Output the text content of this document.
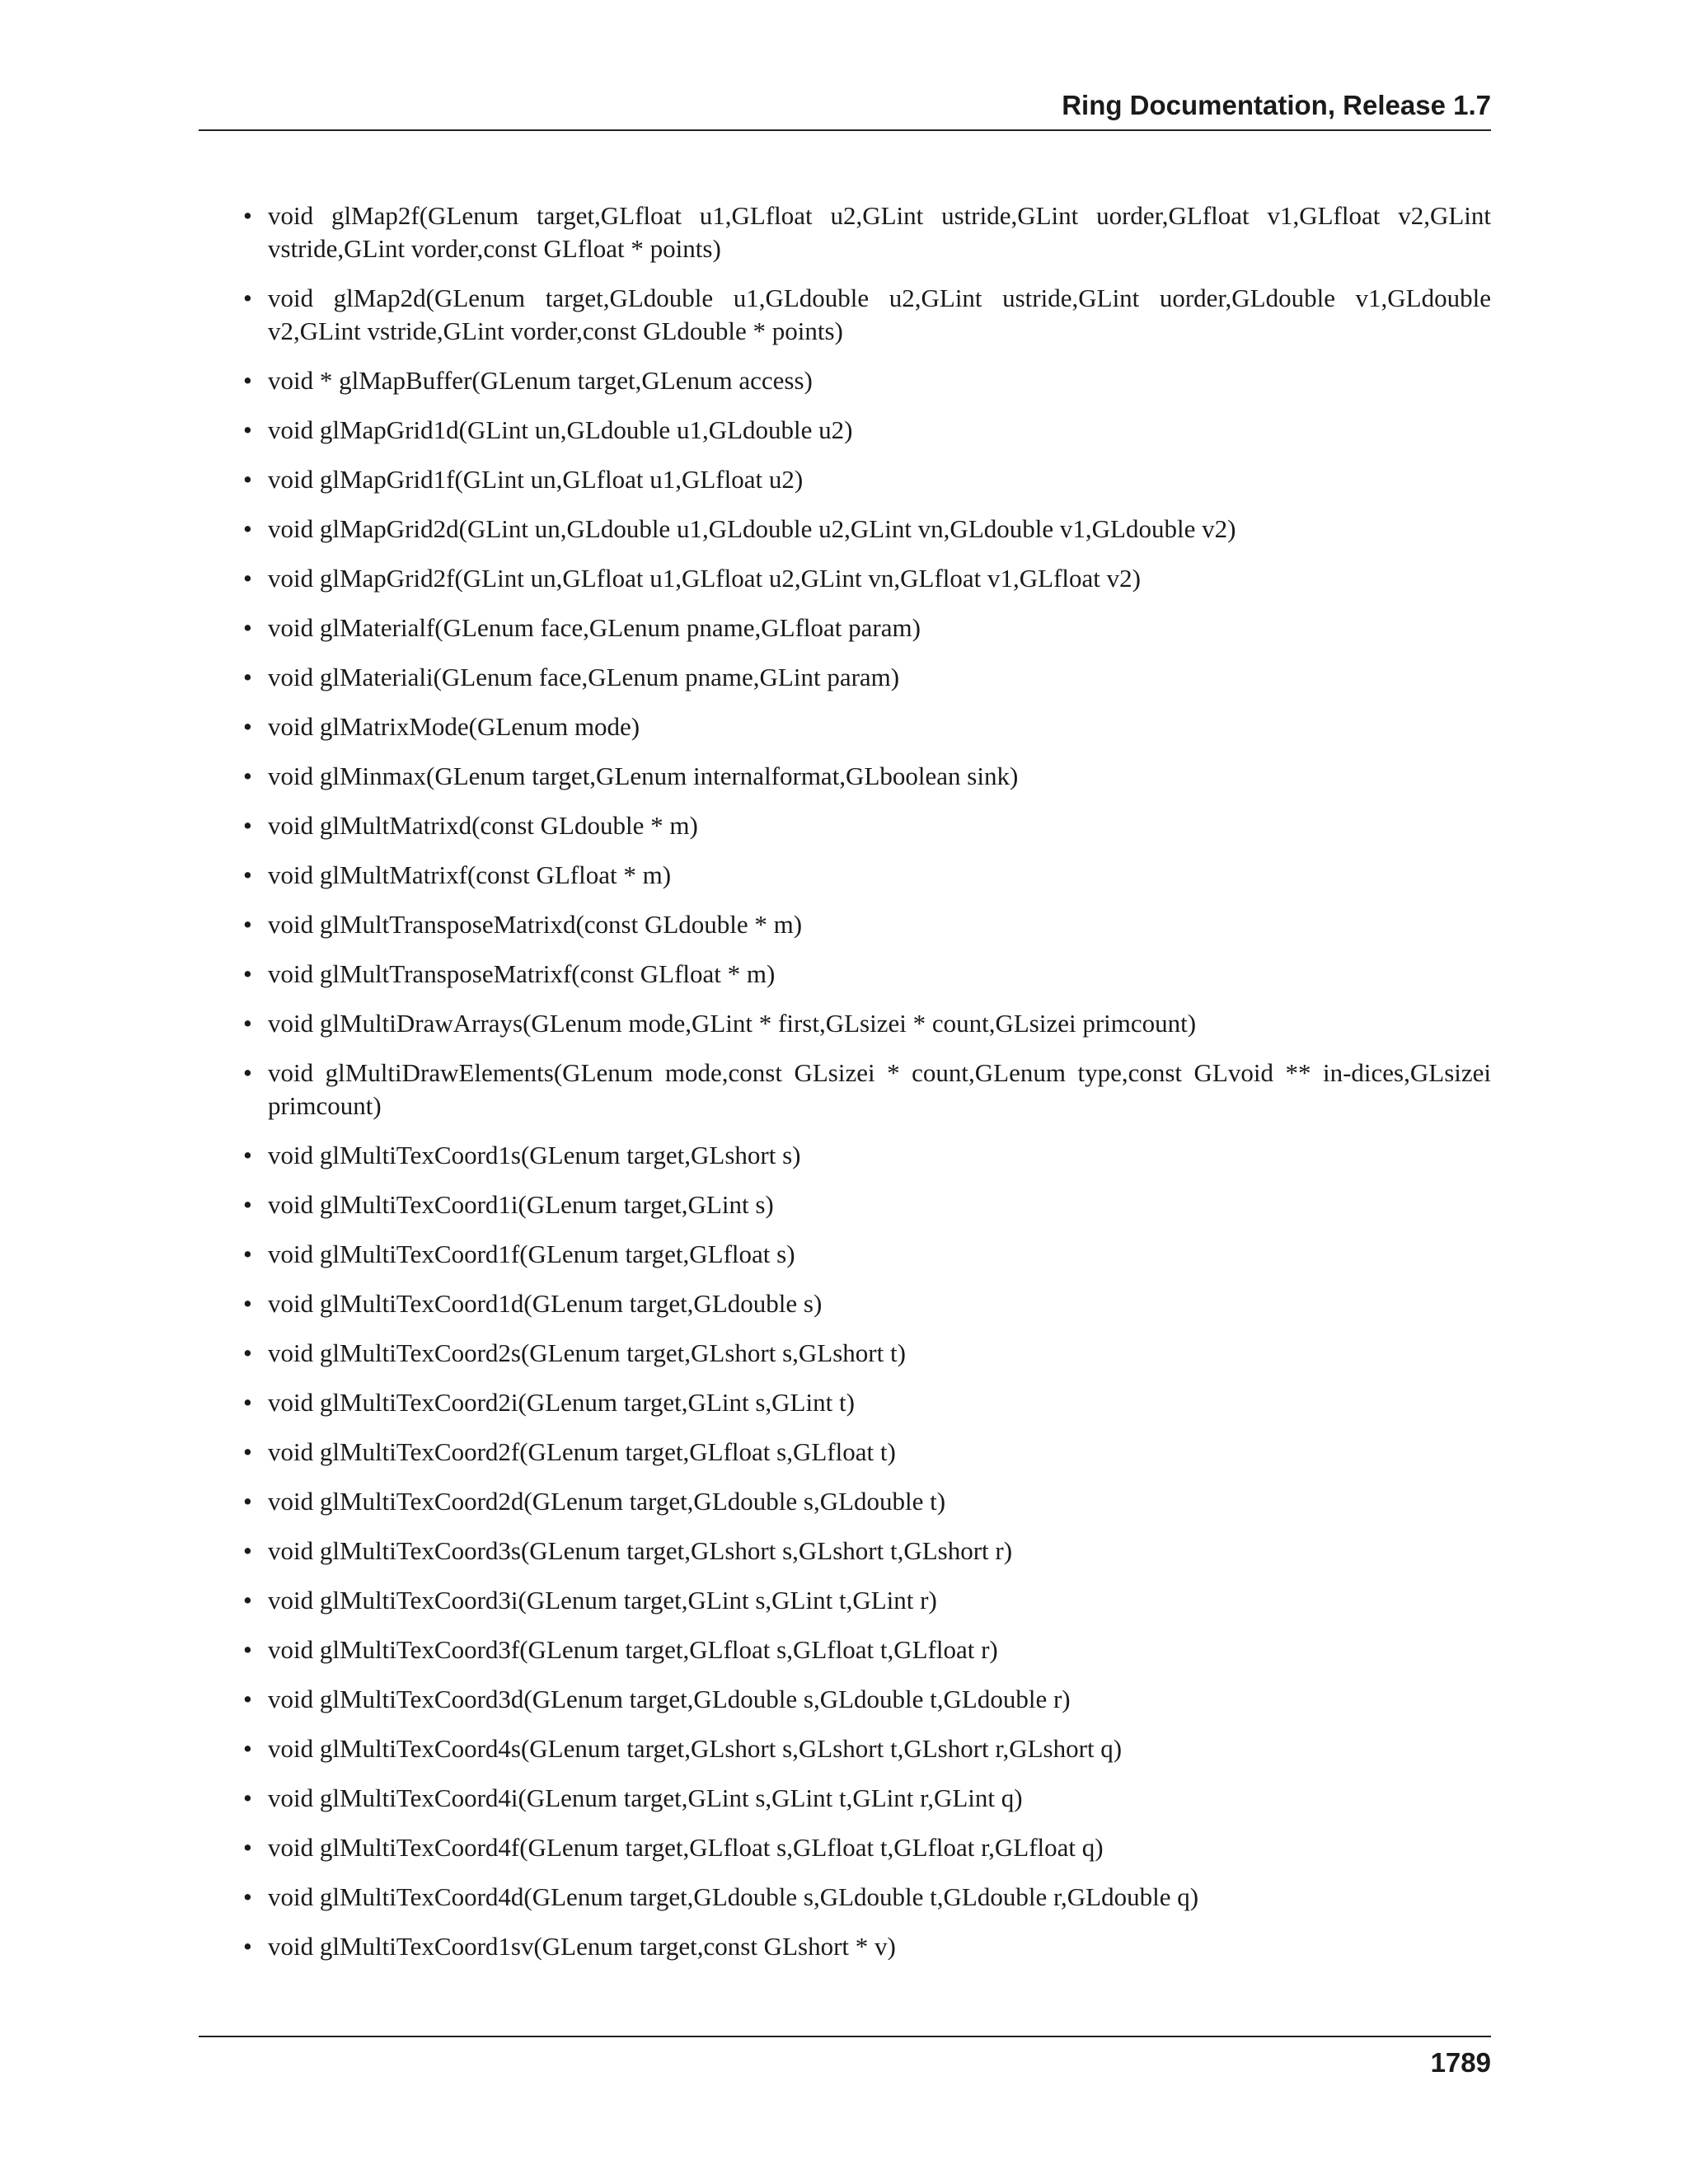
Ring Documentation, Release 1.7
• void glMap2f(GLenum target,GLfloat u1,GLfloat u2,GLint ustride,GLint uorder,GLfloat v1,GLfloat v2,GLint vstride,GLint vorder,const GLfloat * points)
• void glMap2d(GLenum target,GLdouble u1,GLdouble u2,GLint ustride,GLint uorder,GLdouble v1,GLdouble v2,GLint vstride,GLint vorder,const GLdouble * points)
• void * glMapBuffer(GLenum target,GLenum access)
• void glMapGrid1d(GLint un,GLdouble u1,GLdouble u2)
• void glMapGrid1f(GLint un,GLfloat u1,GLfloat u2)
• void glMapGrid2d(GLint un,GLdouble u1,GLdouble u2,GLint vn,GLdouble v1,GLdouble v2)
• void glMapGrid2f(GLint un,GLfloat u1,GLfloat u2,GLint vn,GLfloat v1,GLfloat v2)
• void glMaterialf(GLenum face,GLenum pname,GLfloat param)
• void glMateriali(GLenum face,GLenum pname,GLint param)
• void glMatrixMode(GLenum mode)
• void glMinmax(GLenum target,GLenum internalformat,GLboolean sink)
• void glMultMatrixd(const GLdouble * m)
• void glMultMatrixf(const GLfloat * m)
• void glMultTransposeMatrixd(const GLdouble * m)
• void glMultTransposeMatrixf(const GLfloat * m)
• void glMultiDrawArrays(GLenum mode,GLint * first,GLsizei * count,GLsizei primcount)
• void glMultiDrawElements(GLenum mode,const GLsizei * count,GLenum type,const GLvoid ** in-dices,GLsizei primcount)
• void glMultiTexCoord1s(GLenum target,GLshort s)
• void glMultiTexCoord1i(GLenum target,GLint s)
• void glMultiTexCoord1f(GLenum target,GLfloat s)
• void glMultiTexCoord1d(GLenum target,GLdouble s)
• void glMultiTexCoord2s(GLenum target,GLshort s,GLshort t)
• void glMultiTexCoord2i(GLenum target,GLint s,GLint t)
• void glMultiTexCoord2f(GLenum target,GLfloat s,GLfloat t)
• void glMultiTexCoord2d(GLenum target,GLdouble s,GLdouble t)
• void glMultiTexCoord3s(GLenum target,GLshort s,GLshort t,GLshort r)
• void glMultiTexCoord3i(GLenum target,GLint s,GLint t,GLint r)
• void glMultiTexCoord3f(GLenum target,GLfloat s,GLfloat t,GLfloat r)
• void glMultiTexCoord3d(GLenum target,GLdouble s,GLdouble t,GLdouble r)
• void glMultiTexCoord4s(GLenum target,GLshort s,GLshort t,GLshort r,GLshort q)
• void glMultiTexCoord4i(GLenum target,GLint s,GLint t,GLint r,GLint q)
• void glMultiTexCoord4f(GLenum target,GLfloat s,GLfloat t,GLfloat r,GLfloat q)
• void glMultiTexCoord4d(GLenum target,GLdouble s,GLdouble t,GLdouble r,GLdouble q)
• void glMultiTexCoord1sv(GLenum target,const GLshort * v)
1789
